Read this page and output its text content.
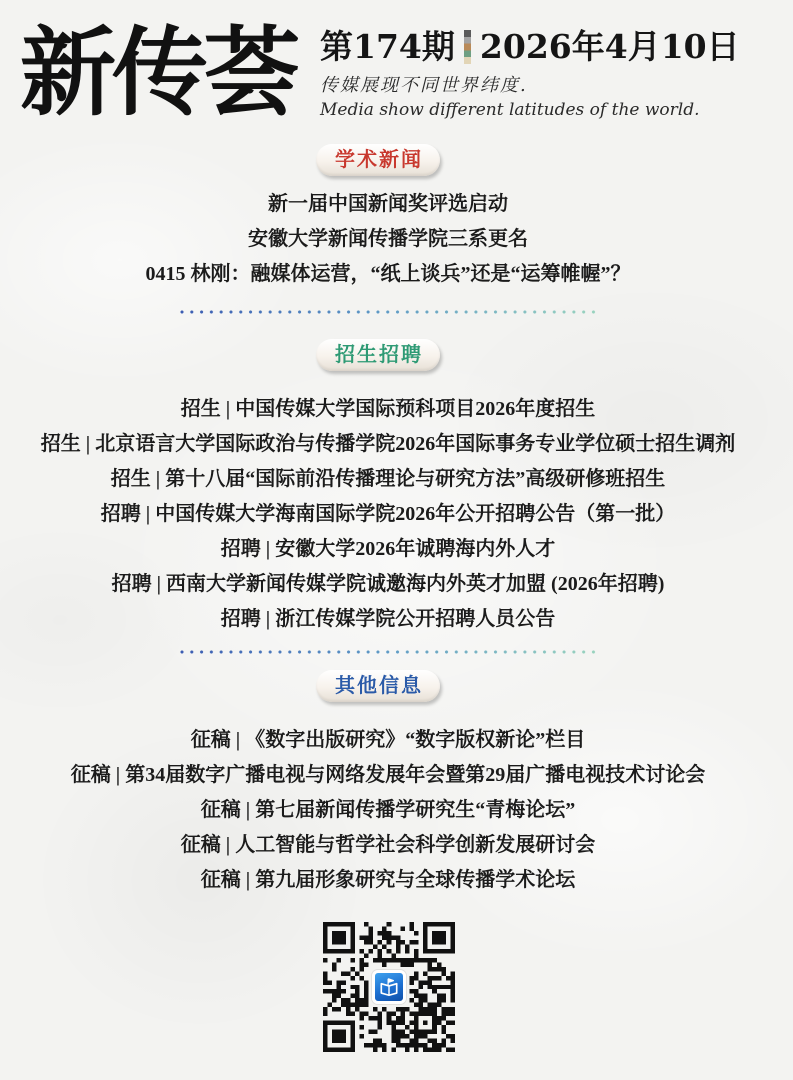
新传荟 第174期 2026年4月10日
传媒展现不同世界纬度.
Media show different latitudes of the world.
学术新闻
新一届中国新闻奖评选启动
安徽大学新闻传播学院三系更名
0415 林刚：融媒体运营，“纸上谈兵”还是“运筹帷幄”？
招生招聘
招生 | 中国传媒大学国际预科项目2026年度招生
招生 | 北京语言大学国际政治与传播学院2026年国际事务专业学位硕士招生调剂
招生 | 第十八届“国际前沿传播理论与研究方法”高级研修班招生
招聘 | 中国传媒大学海南国际学院2026年公开招聘公告（第一批）
招聘 | 安徽大学2026年诚聘海内外人才
招聘 | 西南大学新闻传媒学院诚邀海内外英才加盟 (2026年招聘)
招聘 | 浙江传媒学院公开招聘人员公告
其他信息
征稿 | 《数字出版研究》“数字版权新论”栏目
征稿 | 第34届数字广播电视与网络发展年会暨第29届广播电视技术讨论会
征稿 | 第七届新闻传播学研究生“青梅论坛”
征稿 | 人工智能与哲学社会科学创新发展研讨会
征稿 | 第九届形象研究与全球传播学术论坛
